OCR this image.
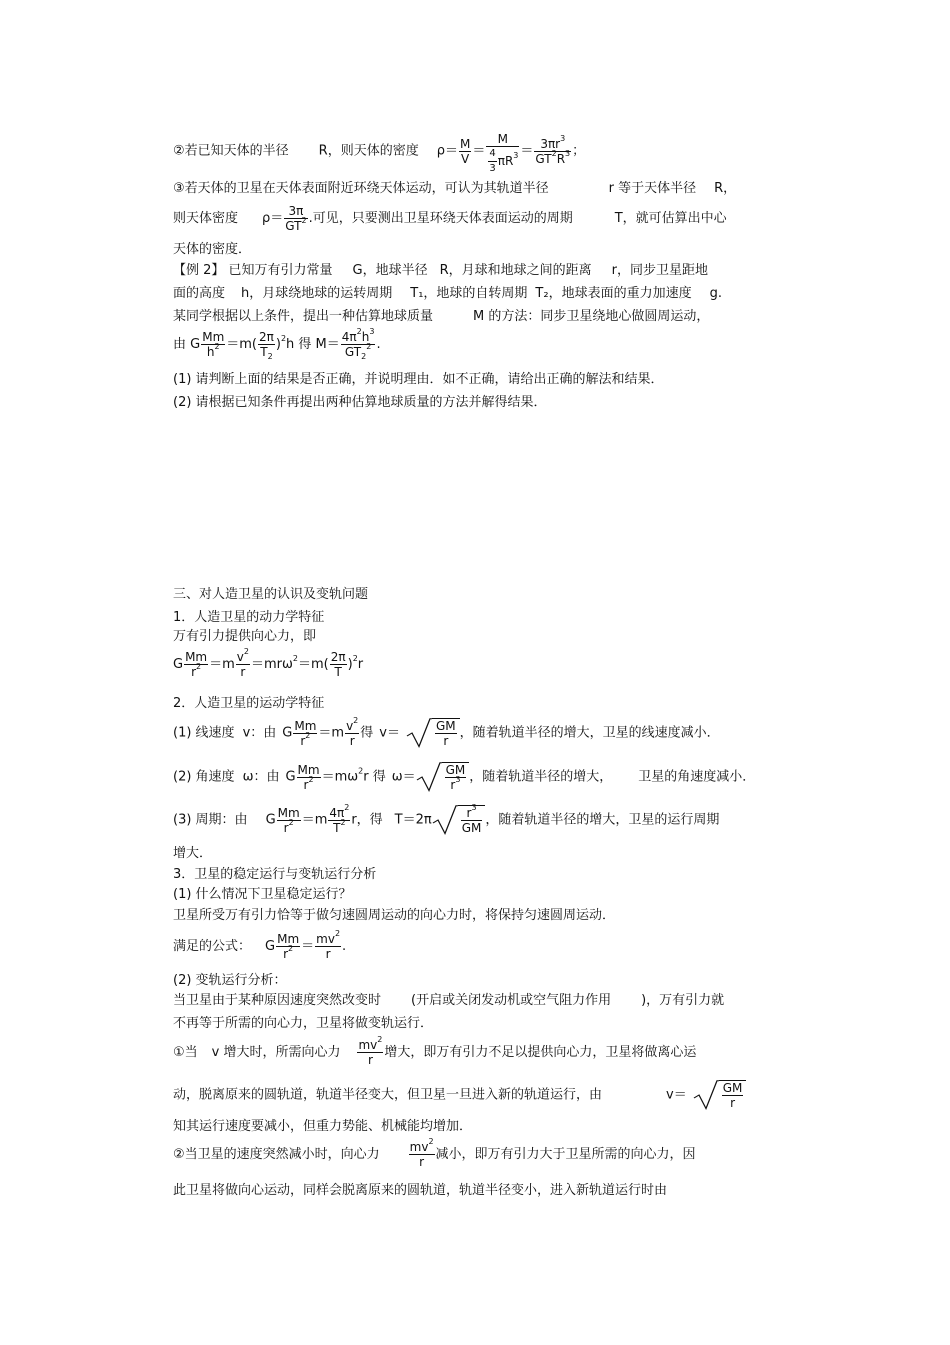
②若已知天体的半径 R，则天体的密度 $\rho= \frac{M}{V} = \frac{M}{\frac{4}{3} \pi R^3} = \frac{3\pi r^3}{GT^2R^3}$ ；
③若天体的卫星在天体表面附近环绕天体运动，可认为其轨道半径	r 等于天体半径 R，
则天体密度 $\rho= \frac{3\pi}{GT^2}$ .可见，只要测出卫星环绕天体表面运动的周期	T，就可估算出中心
天体的密度．
【例 2】 已知万有引力常量 G，地球半径 R，月球和地球之间的距离 r，同步卫星距地
面的高度 h，月球绕地球的运转周期 T₁，地球的自转周期 T₂，地球表面的重力加速度 g.
某同学根据以上条件，提出一种估算地球质量	M 的方法：同步卫星绕地心做圆周运动，
由 G $\frac{Mm}{h^2} =m( \frac{2\pi}{T_2} )^2h$ 得 $M= \frac{4\pi^2h^3}{GT_2^2}$ .
(1) 请判断上面的结果是否正确，并说明理由．如不正确，请给出正确的解法和结果．
(2) 请根据已知条件再提出两种估算地球质量的方法并解得结果．
三、对人造卫星的认识及变轨问题
1．人造卫星的动力学特征
万有引力提供向心力，即
G $\frac{Mm}{r^2} =m \frac{v^2}{r} =mr\omega^2=m( \frac{2\pi}{T} )^2r$
2．人造卫星的运动学特征
(1) 线速度 v：由 G $\frac{Mm}{r^2} =m \frac{v^2}{r}$ 得 v＝	$\frac{GM}{r}$ ，随着轨道半径的增大，卫星的线速度减小．
(2) 角速度 ω：由 G $\frac{Mm}{r^2} =m\omega^2r$ 得 $\omega= \frac{GM}{r^3}$ ，随着轨道半径的增大， 卫星的角速度减小．
(3) 周期：由 G $\frac{Mm}{r^2} =m \frac{4\pi^2}{T^2}$ r，得 $T=2\pi \frac{r^3}{GM}$ ，随着轨道半径的增大，卫星的运行周期
增大．
3．卫星的稳定运行与变轨运行分析
(1) 什么情况下卫星稳定运行？
卫星所受万有引力恰等于做匀速圆周运动的向心力时，将保持匀速圆周运动．
满足的公式： G $\frac{Mm}{r^2} = \frac{mv^2}{r}$ .
(2) 变轨运行分析：
当卫星由于某种原因速度突然改变时 (开启或关闭发动机或空气阻力作用 )，万有引力就
不再等于所需的向心力，卫星将做变轨运行．
①当 v 增大时，所需向心力 $\frac{mv^2}{r}$ 增大，即万有引力不足以提供向心力，卫星将做离心运
动，脱离原来的圆轨道，轨道半径变大，但卫星一旦进入新的轨道运行，由	v＝	$\frac{GM}{r}$
知其运行速度要减小，但重力势能、机械能均增加．
②当卫星的速度突然减小时，向心力 $\frac{mv^2}{r}$ 减小，即万有引力大于卫星所需的向心力，因
此卫星将做向心运动，同样会脱离原来的圆轨道，轨道半径变小，进入新轨道运行时由
